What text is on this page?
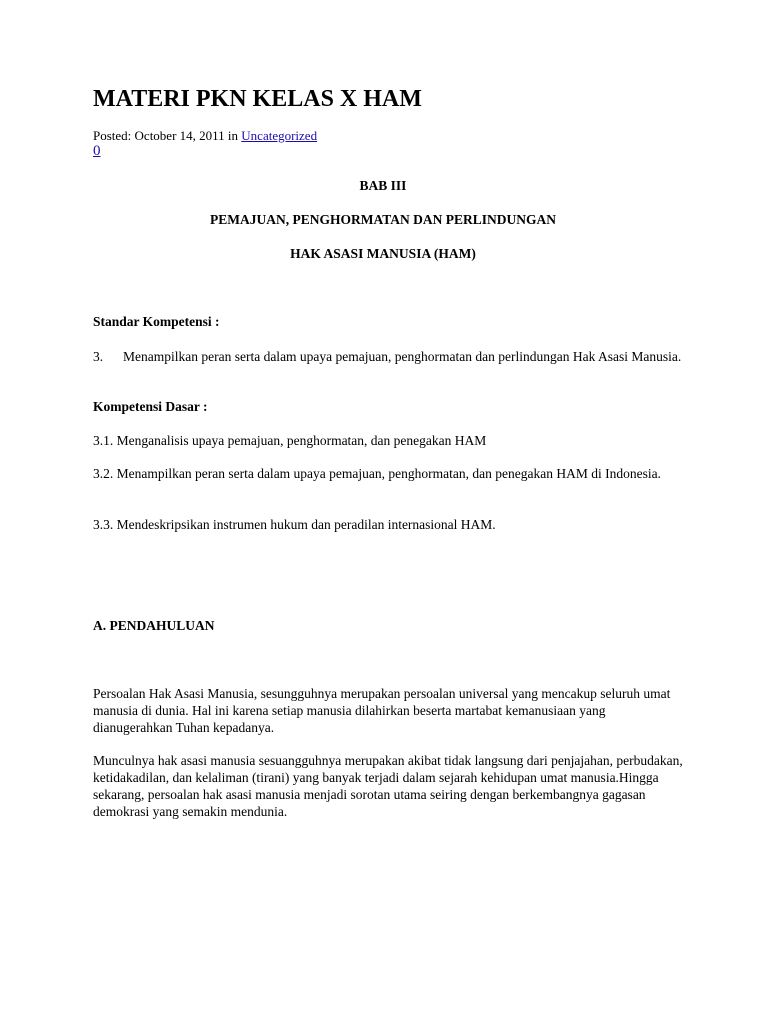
MATERI PKN KELAS X HAM
Posted: October 14, 2011 in Uncategorized
0
BAB III
PEMAJUAN, PENGHORMATAN DAN PERLINDUNGAN
HAK ASASI MANUSIA (HAM)
Standar Kompetensi :
3. Menampilkan peran serta dalam upaya pemajuan, penghormatan dan perlindungan Hak Asasi Manusia.
Kompetensi Dasar :
3.1. Menganalisis upaya pemajuan, penghormatan, dan penegakan HAM
3.2. Menampilkan peran serta dalam upaya pemajuan, penghormatan, dan penegakan HAM di Indonesia.
3.3. Mendeskripsikan instrumen hukum dan peradilan internasional HAM.
A. PENDAHULUAN
Persoalan Hak Asasi Manusia, sesungguhnya merupakan persoalan universal yang mencakup seluruh umat manusia di dunia. Hal ini karena setiap manusia dilahirkan beserta martabat kemanusiaan yang dianugerahkan Tuhan kepadanya.
Munculnya hak asasi manusia sesuangguhnya merupakan akibat tidak langsung dari penjajahan, perbudakan, ketidakadilan, dan kelaliman (tirani) yang banyak terjadi dalam sejarah kehidupan umat manusia.Hingga sekarang, persoalan hak asasi manusia menjadi sorotan utama seiring dengan berkembangnya gagasan demokrasi yang semakin mendunia.
